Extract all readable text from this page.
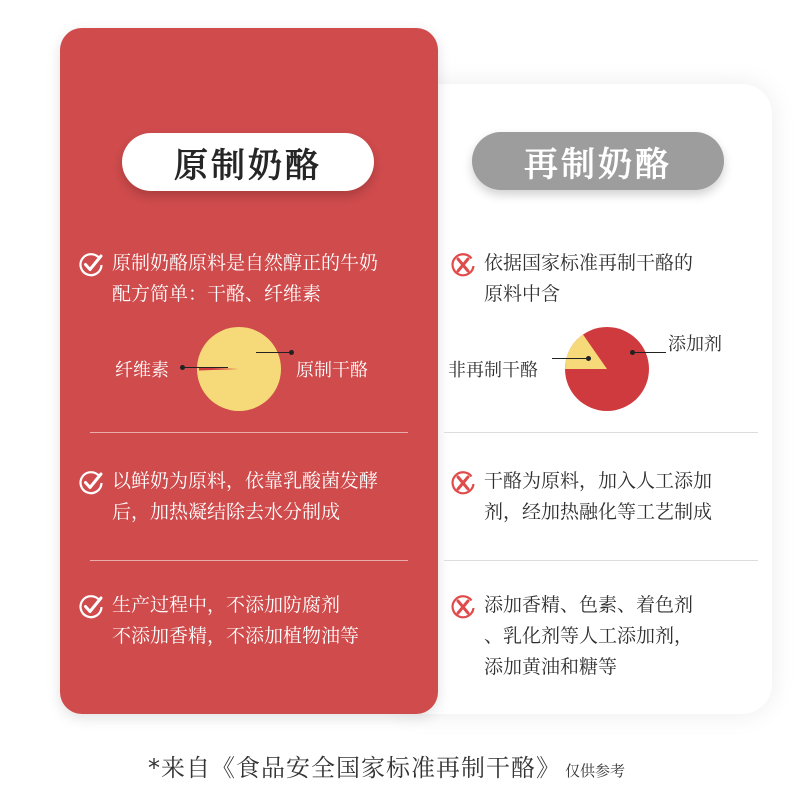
原制奶酪	再制奶酪
原制奶酪原料是自然醇正的牛奶
配方简单：干酪、纤维素
纤维素	原制干酪
以鲜奶为原料，依靠乳酸菌发酵
后，加热凝结除去水分制成
生产过程中，不添加防腐剂
不添加香精，不添加植物油等
依据国家标准再制干酪的
原料中含
非再制干酪
添加剂
干酪为原料，加入人工添加
剂，经加热融化等工艺制成
添加香精、色素、着色剂
、乳化剂等人工添加剂，
添加黄油和糖等
*来自《食品安全国家标准再制干酪》 仅供参考
